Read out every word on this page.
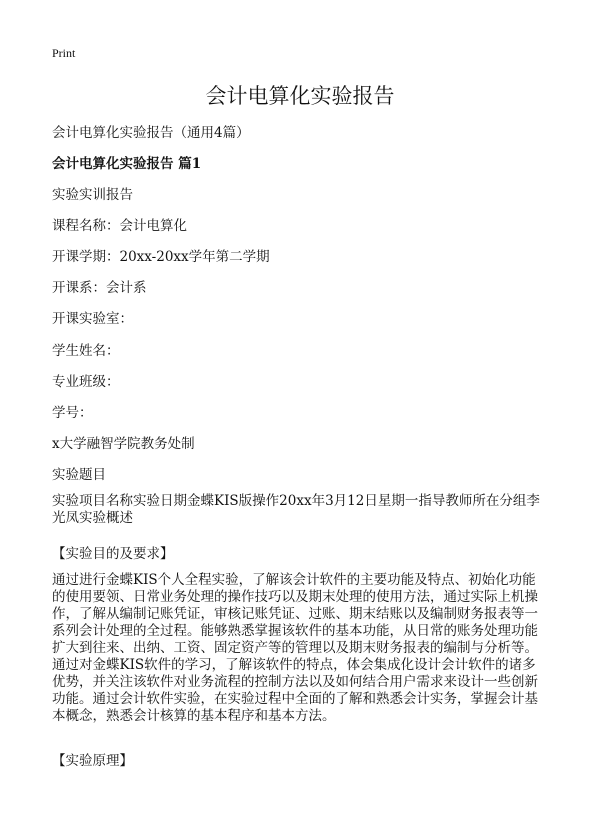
Print
会计电算化实验报告
会计电算化实验报告（通用4篇）
会计电算化实验报告 篇1
实验实训报告
课程名称：会计电算化
开课学期：20xx-20xx学年第二学期
开课系：会计系
开课实验室：
学生姓名：
专业班级：
学号：
x大学融智学院教务处制
实验题目
实验项目名称实验日期金蝶KIS版操作20xx年3月12日星期一指导教师所在分组李
光凤实验概述
【实验目的及要求】
通过进行金蝶KIS个人全程实验，了解该会计软件的主要功能及特点、初始化功能
的使用要领、日常业务处理的操作技巧以及期末处理的使用方法，通过实际上机操
作，了解从编制记账凭证，审核记账凭证、过账、期末结账以及编制财务报表等一
系列会计处理的全过程。能够熟悉掌握该软件的基本功能，从日常的账务处理功能
扩大到往来、出纳、工资、固定资产等的管理以及期末财务报表的编制与分析等。
通过对金蝶KIS软件的学习，了解该软件的特点，体会集成化设计会计软件的诸多
优势，并关注该软件对业务流程的控制方法以及如何结合用户需求来设计一些创新
功能。通过会计软件实验，在实验过程中全面的了解和熟悉会计实务，掌握会计基
本概念，熟悉会计核算的基本程序和基本方法。
【实验原理】
